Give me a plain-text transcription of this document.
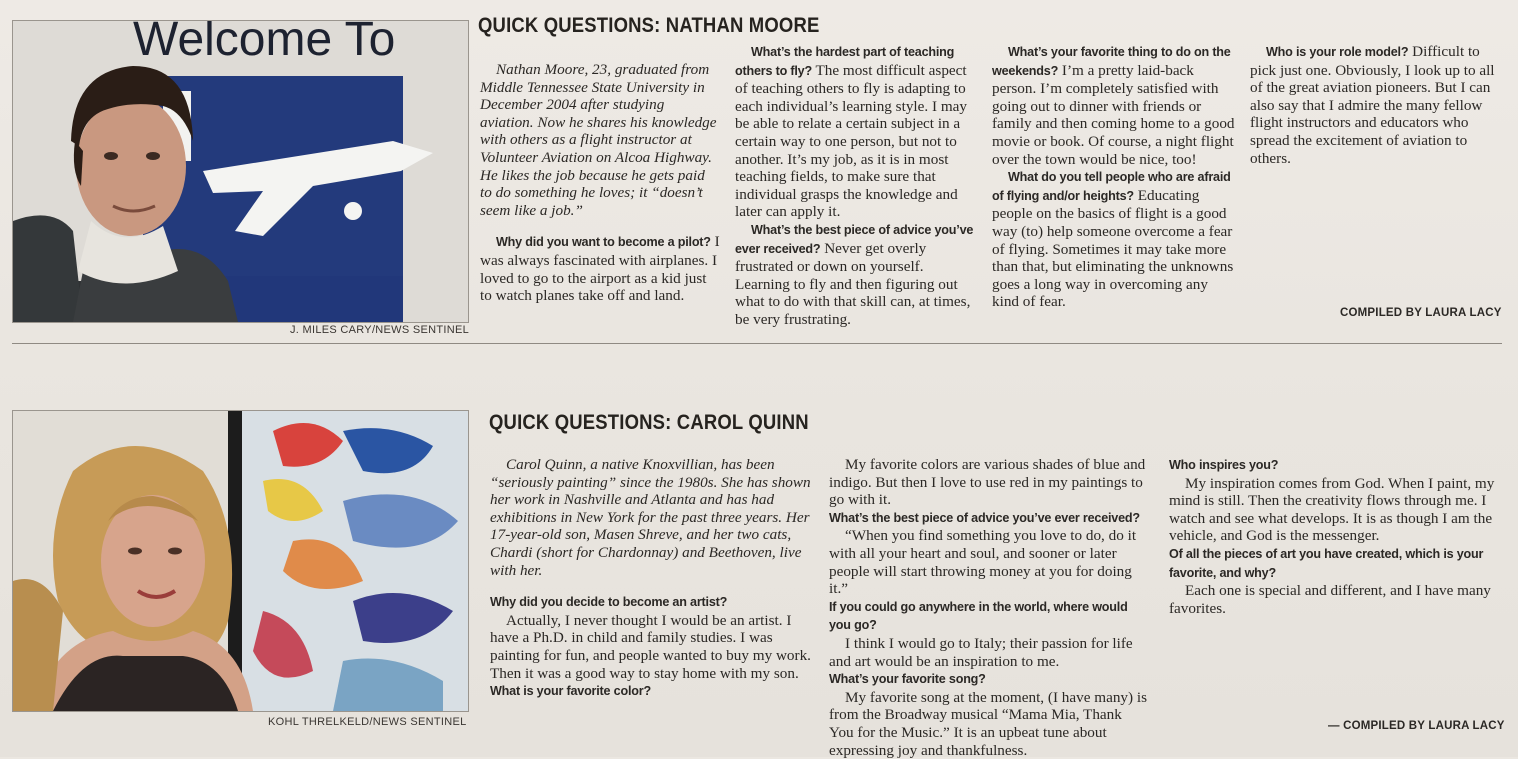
Welcome To
J. MILES CARY/NEWS SENTINEL
QUICK QUESTIONS: NATHAN MOORE

Nathan Moore, 23, graduated from Middle Tennessee State University in December 2004 after studying aviation. Now he shares his knowledge with others as a flight instructor at Volunteer Aviation on Alcoa Highway. He likes the job because he gets paid to do something he loves; it “doesn’t seem like a job.”

Why did you want to become a pilot? I was always fascinated with airplanes. I loved to go to the airport as a kid just to watch planes take off and land.

What’s the hardest part of teaching others to fly? The most difficult aspect of teaching others to fly is adapting to each individual’s learning style. I may be able to relate a certain subject in a certain way to one person, but not to another. It’s my job, as it is in most teaching fields, to make sure that individual grasps the knowledge and later can apply it.

What’s the best piece of advice you’ve ever received? Never get overly frustrated or down on yourself. Learning to fly and then figuring out what to do with that skill can, at times, be very frustrating.

What’s your favorite thing to do on the weekends? I’m a pretty laid-back person. I’m completely satisfied with going out to dinner with friends or family and then coming home to a good movie or book. Of course, a night flight over the town would be nice, too!

What do you tell people who are afraid of flying and/or heights? Educating people on the basics of flight is a good way (to) help someone overcome a fear of flying. Sometimes it may take more than that, but eliminating the unknowns goes a long way in overcoming any kind of fear.

Who is your role model? Difficult to pick just one. Obviously, I look up to all of the great aviation pioneers. But I can also say that I admire the many fellow flight instructors and educators who spread the excitement of aviation to others.

COMPILED BY LAURA LACY
KOHL THRELKELD/NEWS SENTINEL
QUICK QUESTIONS: CAROL QUINN

Carol Quinn, a native Knoxvillian, has been “seriously painting” since the 1980s. She has shown her work in Nashville and Atlanta and has had exhibitions in New York for the past three years. Her 17-year-old son, Masen Shreve, and her two cats, Chardi (short for Chardonnay) and Beethoven, live with her.

Why did you decide to become an artist?

Actually, I never thought I would be an artist. I have a Ph.D. in child and family studies. I was painting for fun, and people wanted to buy my work. Then it was a good way to stay home with my son.

What is your favorite color?

My favorite colors are various shades of blue and indigo. But then I love to use red in my paintings to go with it.

What’s the best piece of advice you’ve ever received?

“When you find something you love to do, do it with all your heart and soul, and sooner or later people will start throwing money at you for doing it.”

If you could go anywhere in the world, where would you go?

I think I would go to Italy; their passion for life and art would be an inspiration to me.

What’s your favorite song?

My favorite song at the moment, (I have many) is from the Broadway musical “Mama Mia, Thank You for the Music.” It is an upbeat tune about expressing joy and thankfulness.

Who inspires you?

My inspiration comes from God. When I paint, my mind is still. Then the creativity flows through me. I watch and see what develops. It is as though I am the vehicle, and God is the messenger.

Of all the pieces of art you have created, which is your favorite, and why?

Each one is special and different, and I have many favorites.

— COMPILED BY LAURA LACY
